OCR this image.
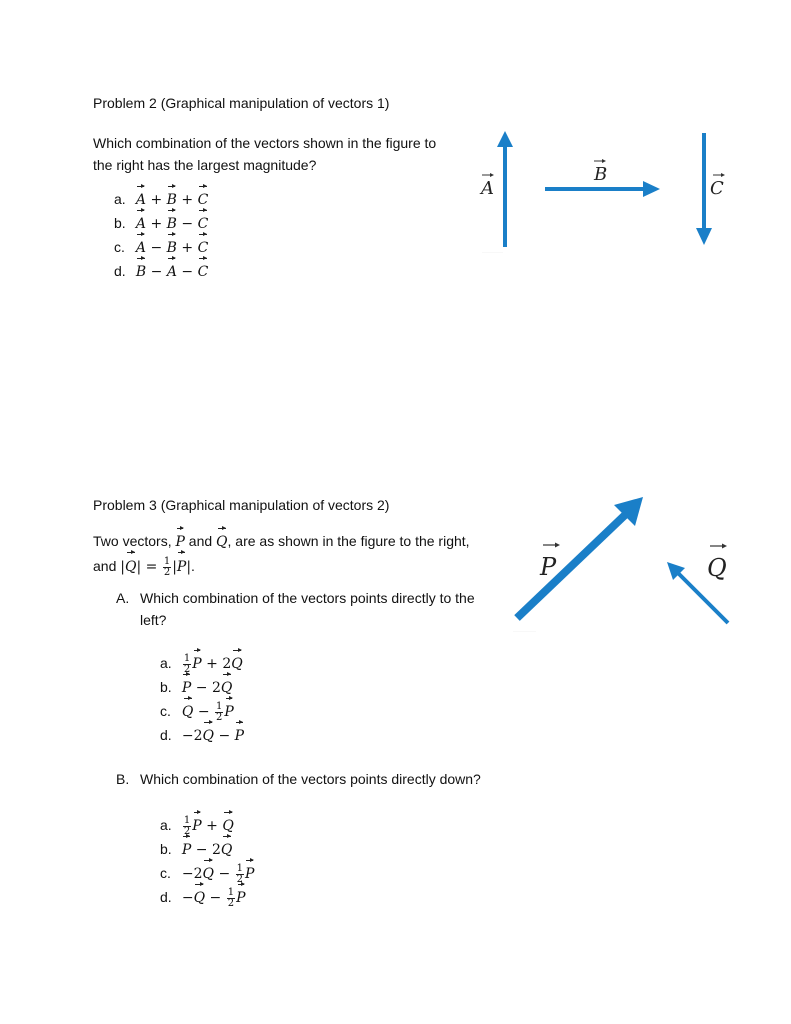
Problem 2 (Graphical manipulation of vectors 1)
Which combination of the vectors shown in the figure to
the right has the largest magnitude?
a. A + B + C
b. A + B − C
c. A − B + C
d. B − A − C
A
·····················
B
C
Problem 3 (Graphical manipulation of vectors 2)
Two vectors, P and Q, are as shown in the figure to the right,
and $|Q| = \frac{1}{2} |P|$.
A. Which combination of the vectors points directly to the
left?
a. $\frac{1}{2}$ P + 2Q
b. P − 2Q
c. $Q - \frac{1}{2}$ P
d. −2Q − P
B. Which combination of the vectors points directly down?
a. $\frac{1}{2}$ P + Q
b. P − 2Q
c. $-2Q - \frac{1}{2}$ P
d. $-Q - \frac{1}{2}$ P
P
·······················
Q
